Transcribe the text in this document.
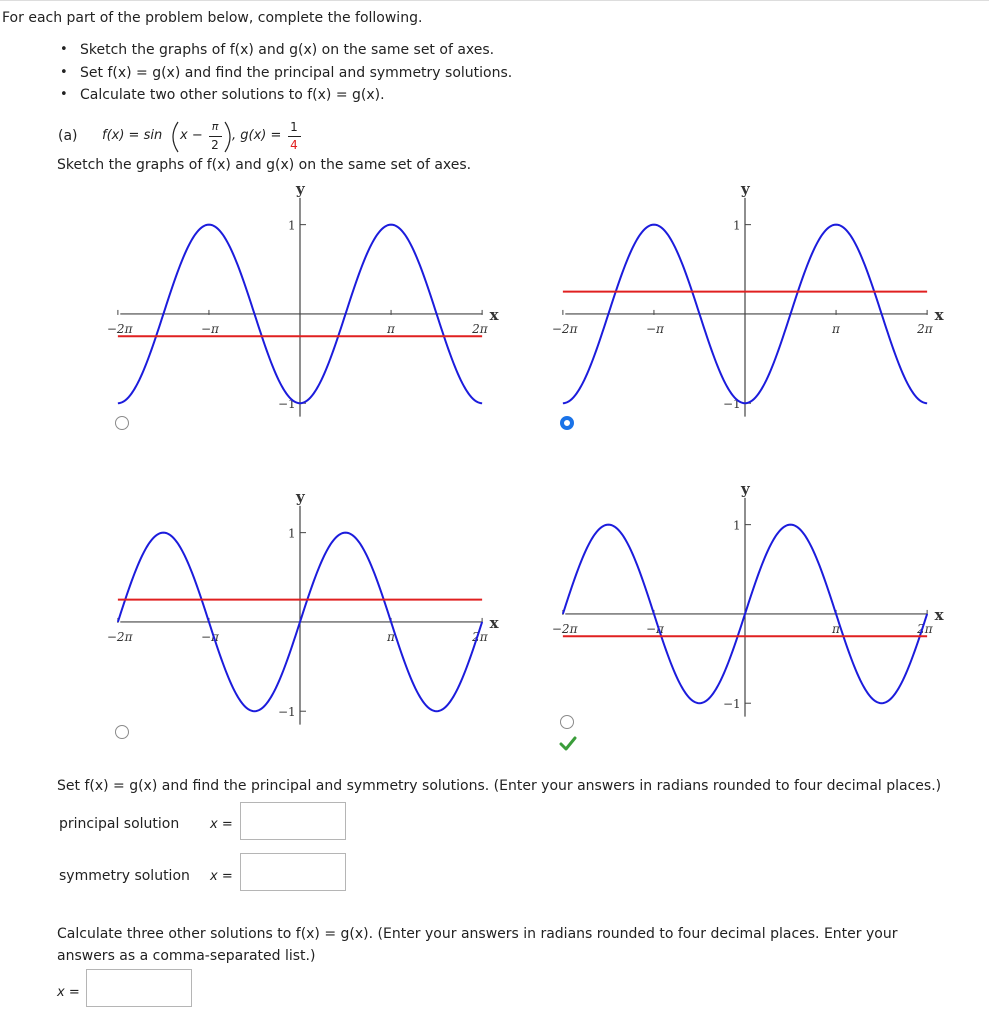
For each part of the problem below, complete the following.
• Sketch the graphs of f(x) and g(x) on the same set of axes.
• Set f(x) = g(x) and find the principal and symmetry solutions.
• Calculate two other solutions to f(x) = g(x).
(a) f(x) = sin x −
π
2
, g(x) =
1
4
Sketch the graphs of f(x) and g(x) on the same set of axes.
y
x
1
−1
−2π	−π	π	2π
y
x
1
−1
−2π	−π	π	2π
y
x
1
−1
−2π	−π	π	2π
y
x
1
−1
−2π	−π	π	2π
Set f(x) = g(x) and find the principal and symmetry solutions. (Enter your answers in radians rounded to four decimal places.)
principal solution x =
symmetry solution x =
Calculate three other solutions to f(x) = g(x). (Enter your answers in radians rounded to four decimal places. Enter your
answers as a comma-separated list.)
x =
